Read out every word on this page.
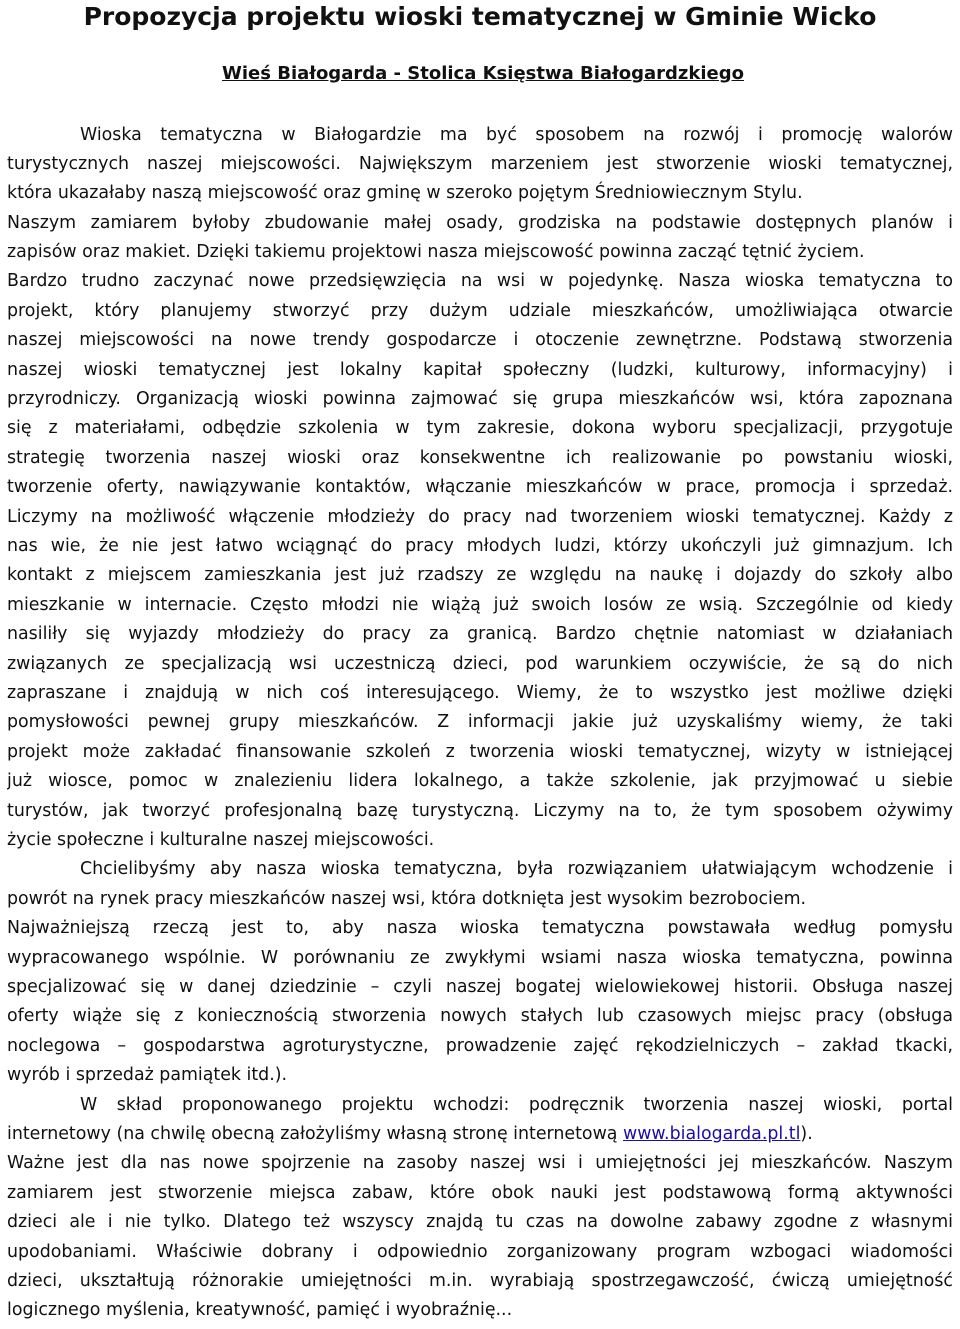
Propozycja projektu wioski tematycznej w Gminie Wicko
Wieś Białogarda - Stolica Księstwa Białogardzkiego
Wioska tematyczna w Białogardzie ma być sposobem na rozwój i promocję walorów
turystycznych naszej miejscowości. Największym marzeniem jest stworzenie wioski tematycznej,
która ukazałaby naszą miejscowość oraz gminę w szeroko pojętym Średniowiecznym Stylu.
Naszym zamiarem byłoby zbudowanie małej osady, grodziska na podstawie dostępnych planów i
zapisów oraz makiet. Dzięki takiemu projektowi nasza miejscowość powinna zacząć tętnić życiem.
Bardzo trudno zaczynać nowe przedsięwzięcia na wsi w pojedynkę. Nasza wioska tematyczna to
projekt, który planujemy stworzyć przy dużym udziale mieszkańców, umożliwiająca otwarcie
naszej miejscowości na nowe trendy gospodarcze i otoczenie zewnętrzne. Podstawą stworzenia
naszej wioski tematycznej jest lokalny kapitał społeczny (ludzki, kulturowy, informacyjny) i
przyrodniczy. Organizacją wioski powinna zajmować się grupa mieszkańców wsi, która zapoznana
się z materiałami, odbędzie szkolenia w tym zakresie, dokona wyboru specjalizacji, przygotuje
strategię tworzenia naszej wioski oraz konsekwentne ich realizowanie po powstaniu wioski,
tworzenie oferty, nawiązywanie kontaktów, włączanie mieszkańców w prace, promocja i sprzedaż.
Liczymy na możliwość włączenie młodzieży do pracy nad tworzeniem wioski tematycznej. Każdy z
nas wie, że nie jest łatwo wciągnąć do pracy młodych ludzi, którzy ukończyli już gimnazjum. Ich
kontakt z miejscem zamieszkania jest już rzadszy ze względu na naukę i dojazdy do szkoły albo
mieszkanie w internacie. Często młodzi nie wiążą już swoich losów ze wsią. Szczególnie od kiedy
nasiliły się wyjazdy młodzieży do pracy za granicą. Bardzo chętnie natomiast w działaniach
związanych ze specjalizacją wsi uczestniczą dzieci, pod warunkiem oczywiście, że są do nich
zapraszane i znajdują w nich coś interesującego. Wiemy, że to wszystko jest możliwe dzięki
pomysłowości pewnej grupy mieszkańców. Z informacji jakie już uzyskaliśmy wiemy, że taki
projekt może zakładać finansowanie szkoleń z tworzenia wioski tematycznej, wizyty w istniejącej
już wiosce, pomoc w znalezieniu lidera lokalnego, a także szkolenie, jak przyjmować u siebie
turystów, jak tworzyć profesjonalną bazę turystyczną. Liczymy na to, że tym sposobem ożywimy
życie społeczne i kulturalne naszej miejscowości.
Chcielibyśmy aby nasza wioska tematyczna, była rozwiązaniem ułatwiającym wchodzenie i
powrót na rynek pracy mieszkańców naszej wsi, która dotknięta jest wysokim bezrobociem.
Najważniejszą rzeczą jest to, aby nasza wioska tematyczna powstawała według pomysłu
wypracowanego wspólnie. W porównaniu ze zwykłymi wsiami nasza wioska tematyczna, powinna
specjalizować się w danej dziedzinie – czyli naszej bogatej wielowiekowej historii. Obsługa naszej
oferty wiąże się z koniecznością stworzenia nowych stałych lub czasowych miejsc pracy (obsługa
noclegowa – gospodarstwa agroturystyczne, prowadzenie zajęć rękodzielniczych – zakład tkacki,
wyrób i sprzedaż pamiątek itd.).
W skład proponowanego projektu wchodzi: podręcznik tworzenia naszej wioski, portal
internetowy (na chwilę obecną założyliśmy własną stronę internetową www.bialogarda.pl.tl).
Ważne jest dla nas nowe spojrzenie na zasoby naszej wsi i umiejętności jej mieszkańców. Naszym
zamiarem jest stworzenie miejsca zabaw, które obok nauki jest podstawową formą aktywności
dzieci ale i nie tylko. Dlatego też wszyscy znajdą tu czas na dowolne zabawy zgodne z własnymi
upodobaniami. Właściwie dobrany i odpowiednio zorganizowany program wzbogaci wiadomości
dzieci, ukształtują różnorakie umiejętności m.in. wyrabiają spostrzegawczość, ćwiczą umiejętność
logicznego myślenia, kreatywność, pamięć i wyobraźnię...
